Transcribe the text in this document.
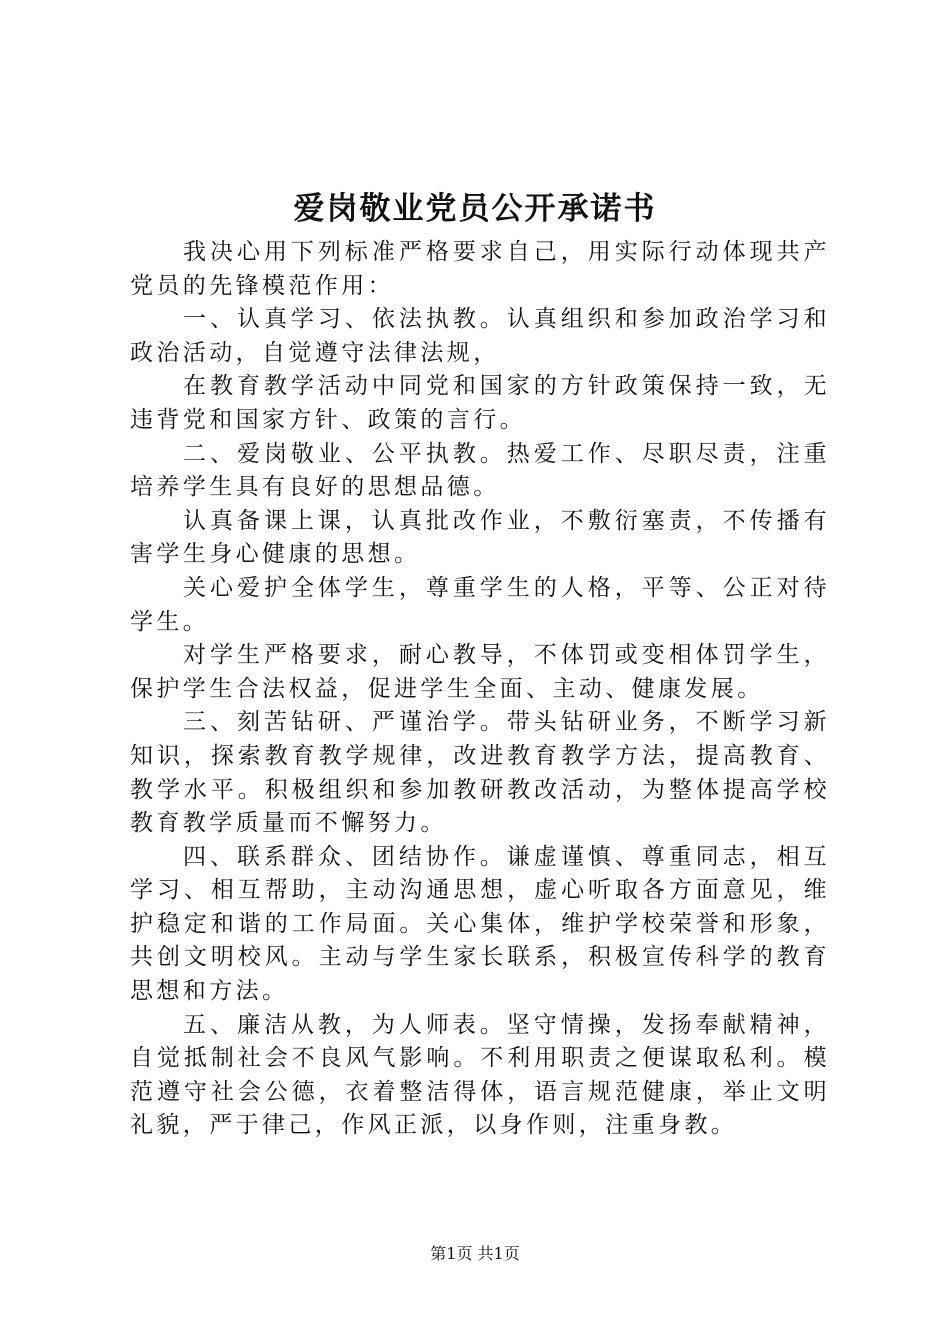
爱岗敬业党员公开承诺书

我决心用下列标准严格要求自己，用实际行动体现共产党员的先锋模范作用：

一、认真学习、依法执教。认真组织和参加政治学习和政治活动，自觉遵守法律法规，

在教育教学活动中同党和国家的方针政策保持一致，无违背党和国家方针、政策的言行。

二、爱岗敬业、公平执教。热爱工作、尽职尽责，注重培养学生具有良好的思想品德。

认真备课上课，认真批改作业，不敷衍塞责，不传播有害学生身心健康的思想。

关心爱护全体学生，尊重学生的人格，平等、公正对待学生。

对学生严格要求，耐心教导，不体罚或变相体罚学生，保护学生合法权益，促进学生全面、主动、健康发展。

三、刻苦钻研、严谨治学。带头钻研业务，不断学习新知识，探索教育教学规律，改进教育教学方法，提高教育、教学水平。积极组织和参加教研教改活动，为整体提高学校教育教学质量而不懈努力。

四、联系群众、团结协作。谦虚谨慎、尊重同志，相互学习、相互帮助，主动沟通思想，虚心听取各方面意见，维护稳定和谐的工作局面。关心集体，维护学校荣誉和形象，共创文明校风。主动与学生家长联系，积极宣传科学的教育思想和方法。

五、廉洁从教，为人师表。坚守情操，发扬奉献精神，自觉抵制社会不良风气影响。不利用职责之便谋取私利。模范遵守社会公德，衣着整洁得体，语言规范健康，举止文明礼貌，严于律己，作风正派，以身作则，注重身教。

第1页 共1页
